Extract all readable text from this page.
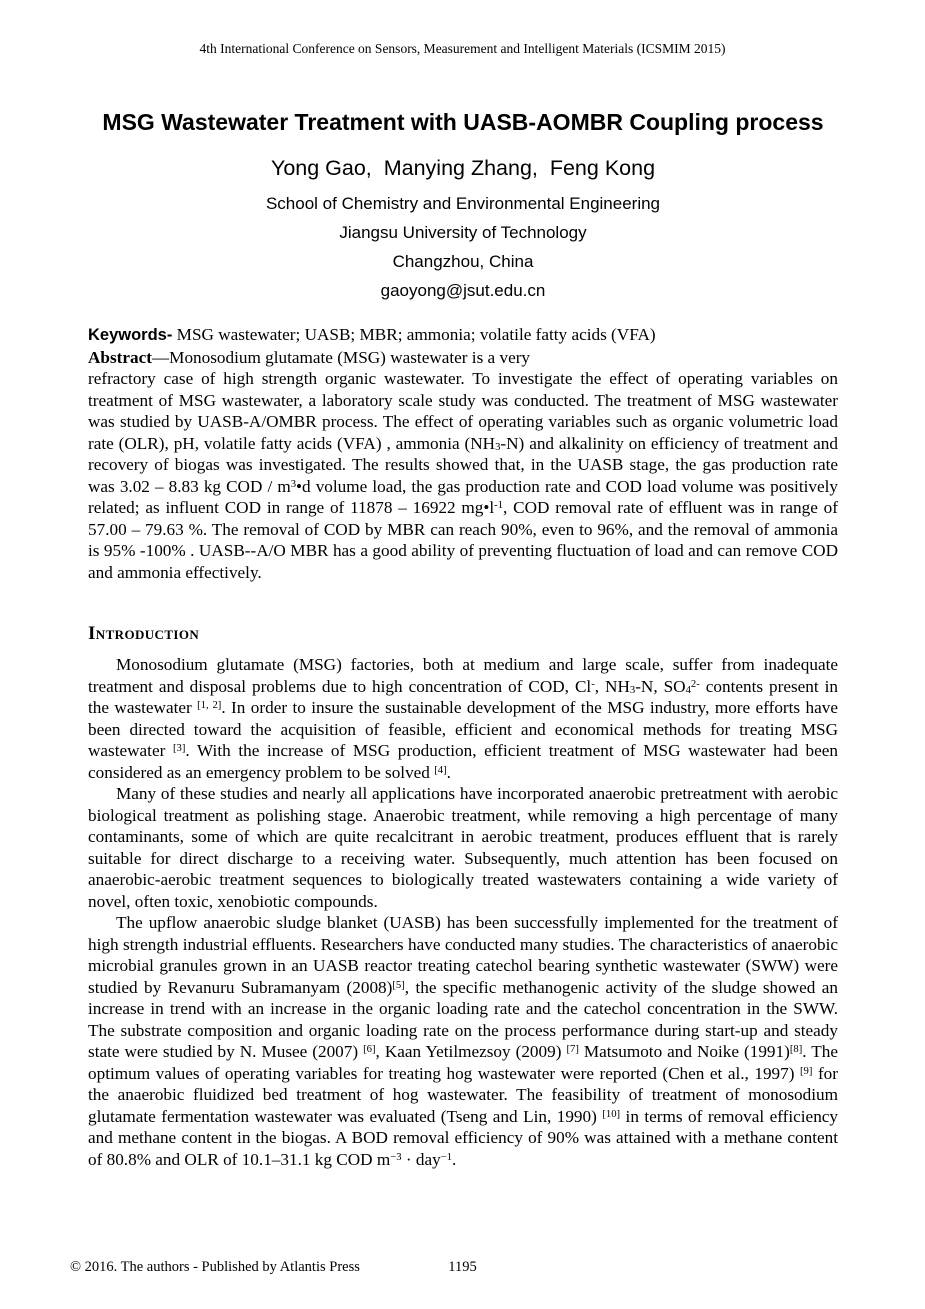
4th International Conference on Sensors, Measurement and Intelligent Materials (ICSMIM 2015)
MSG Wastewater Treatment with UASB-AOMBR Coupling process
Yong Gao,  Manying Zhang,  Feng Kong
School of Chemistry and Environmental Engineering
Jiangsu University of Technology
Changzhou, China
gaoyong@jsut.edu.cn

Keywords- MSG wastewater; UASB; MBR; ammonia; volatile fatty acids (VFA)

Abstract—Monosodium glutamate (MSG) wastewater is a very

refractory case of high strength organic wastewater. To investigate the effect of operating variables on treatment of MSG wastewater, a laboratory scale study was conducted. The treatment of MSG wastewater was studied by UASB-A/OMBR process. The effect of operating variables such as organic volumetric load rate (OLR), pH, volatile fatty acids (VFA) , ammonia $(NH_3-N)$ and alkalinity on efficiency of treatment and recovery of biogas was investigated. The results showed that, in the UASB stage, the gas production rate was 3.02 – 8.83 kg COD / $m^3•d$ volume load, the gas production rate and COD load volume was positively related; as influent COD in range of 11878 – 16922 $mg•l^{-1}$, COD removal rate of effluent was in range of 57.00 – 79.63 %. The removal of COD by MBR can reach 90%, even to 96%, and the removal of ammonia is 95% -100% . UASB--A/O MBR has a good ability of preventing fluctuation of load and can remove COD and ammonia effectively.

Introduction

Monosodium glutamate (MSG) factories, both at medium and large scale, suffer from inadequate treatment and disposal problems due to high concentration of COD, Cl-, $NH_3-N$, $SO_4^{2-}$ contents present in the wastewater [1, 2]. In order to insure the sustainable development of the MSG industry, more efforts have been directed toward the acquisition of feasible, efficient and economical methods for treating MSG wastewater [3]. With the increase of MSG production, efficient treatment of MSG wastewater had been considered as an emergency problem to be solved [4].

Many of these studies and nearly all applications have incorporated anaerobic pretreatment with aerobic biological treatment as polishing stage. Anaerobic treatment, while removing a high percentage of many contaminants, some of which are quite recalcitrant in aerobic treatment, produces effluent that is rarely suitable for direct discharge to a receiving water. Subsequently, much attention has been focused on anaerobic-aerobic treatment sequences to biologically treated wastewaters containing a wide variety of novel, often toxic, xenobiotic compounds.

The upflow anaerobic sludge blanket (UASB) has been successfully implemented for the treatment of high strength industrial effluents. Researchers have conducted many studies. The characteristics of anaerobic microbial granules grown in an UASB reactor treating catechol bearing synthetic wastewater (SWW) were studied by Revanuru Subramanyam (2008)[5], the specific methanogenic activity of the sludge showed an increase in trend with an increase in the organic loading rate and the catechol concentration in the SWW. The substrate composition and organic loading rate on the process performance during start-up and steady state were studied by N. Musee (2007) [6], Kaan Yetilmezsoy (2009) [7] Matsumoto and Noike (1991)[8]. The optimum values of operating variables for treating hog wastewater were reported (Chen et al., 1997) [9] for the anaerobic fluidized bed treatment of hog wastewater. The feasibility of treatment of monosodium glutamate fermentation wastewater was evaluated (Tseng and Lin, 1990) [10] in terms of removal efficiency and methane content in the biogas. A BOD removal efficiency of 90% was attained with a methane content of 80.8% and OLR of 10.1–31.1 kg COD $m^{-3} \cdot day^{-1}$.

© 2016. The authors - Published by Atlantis Press	1195
